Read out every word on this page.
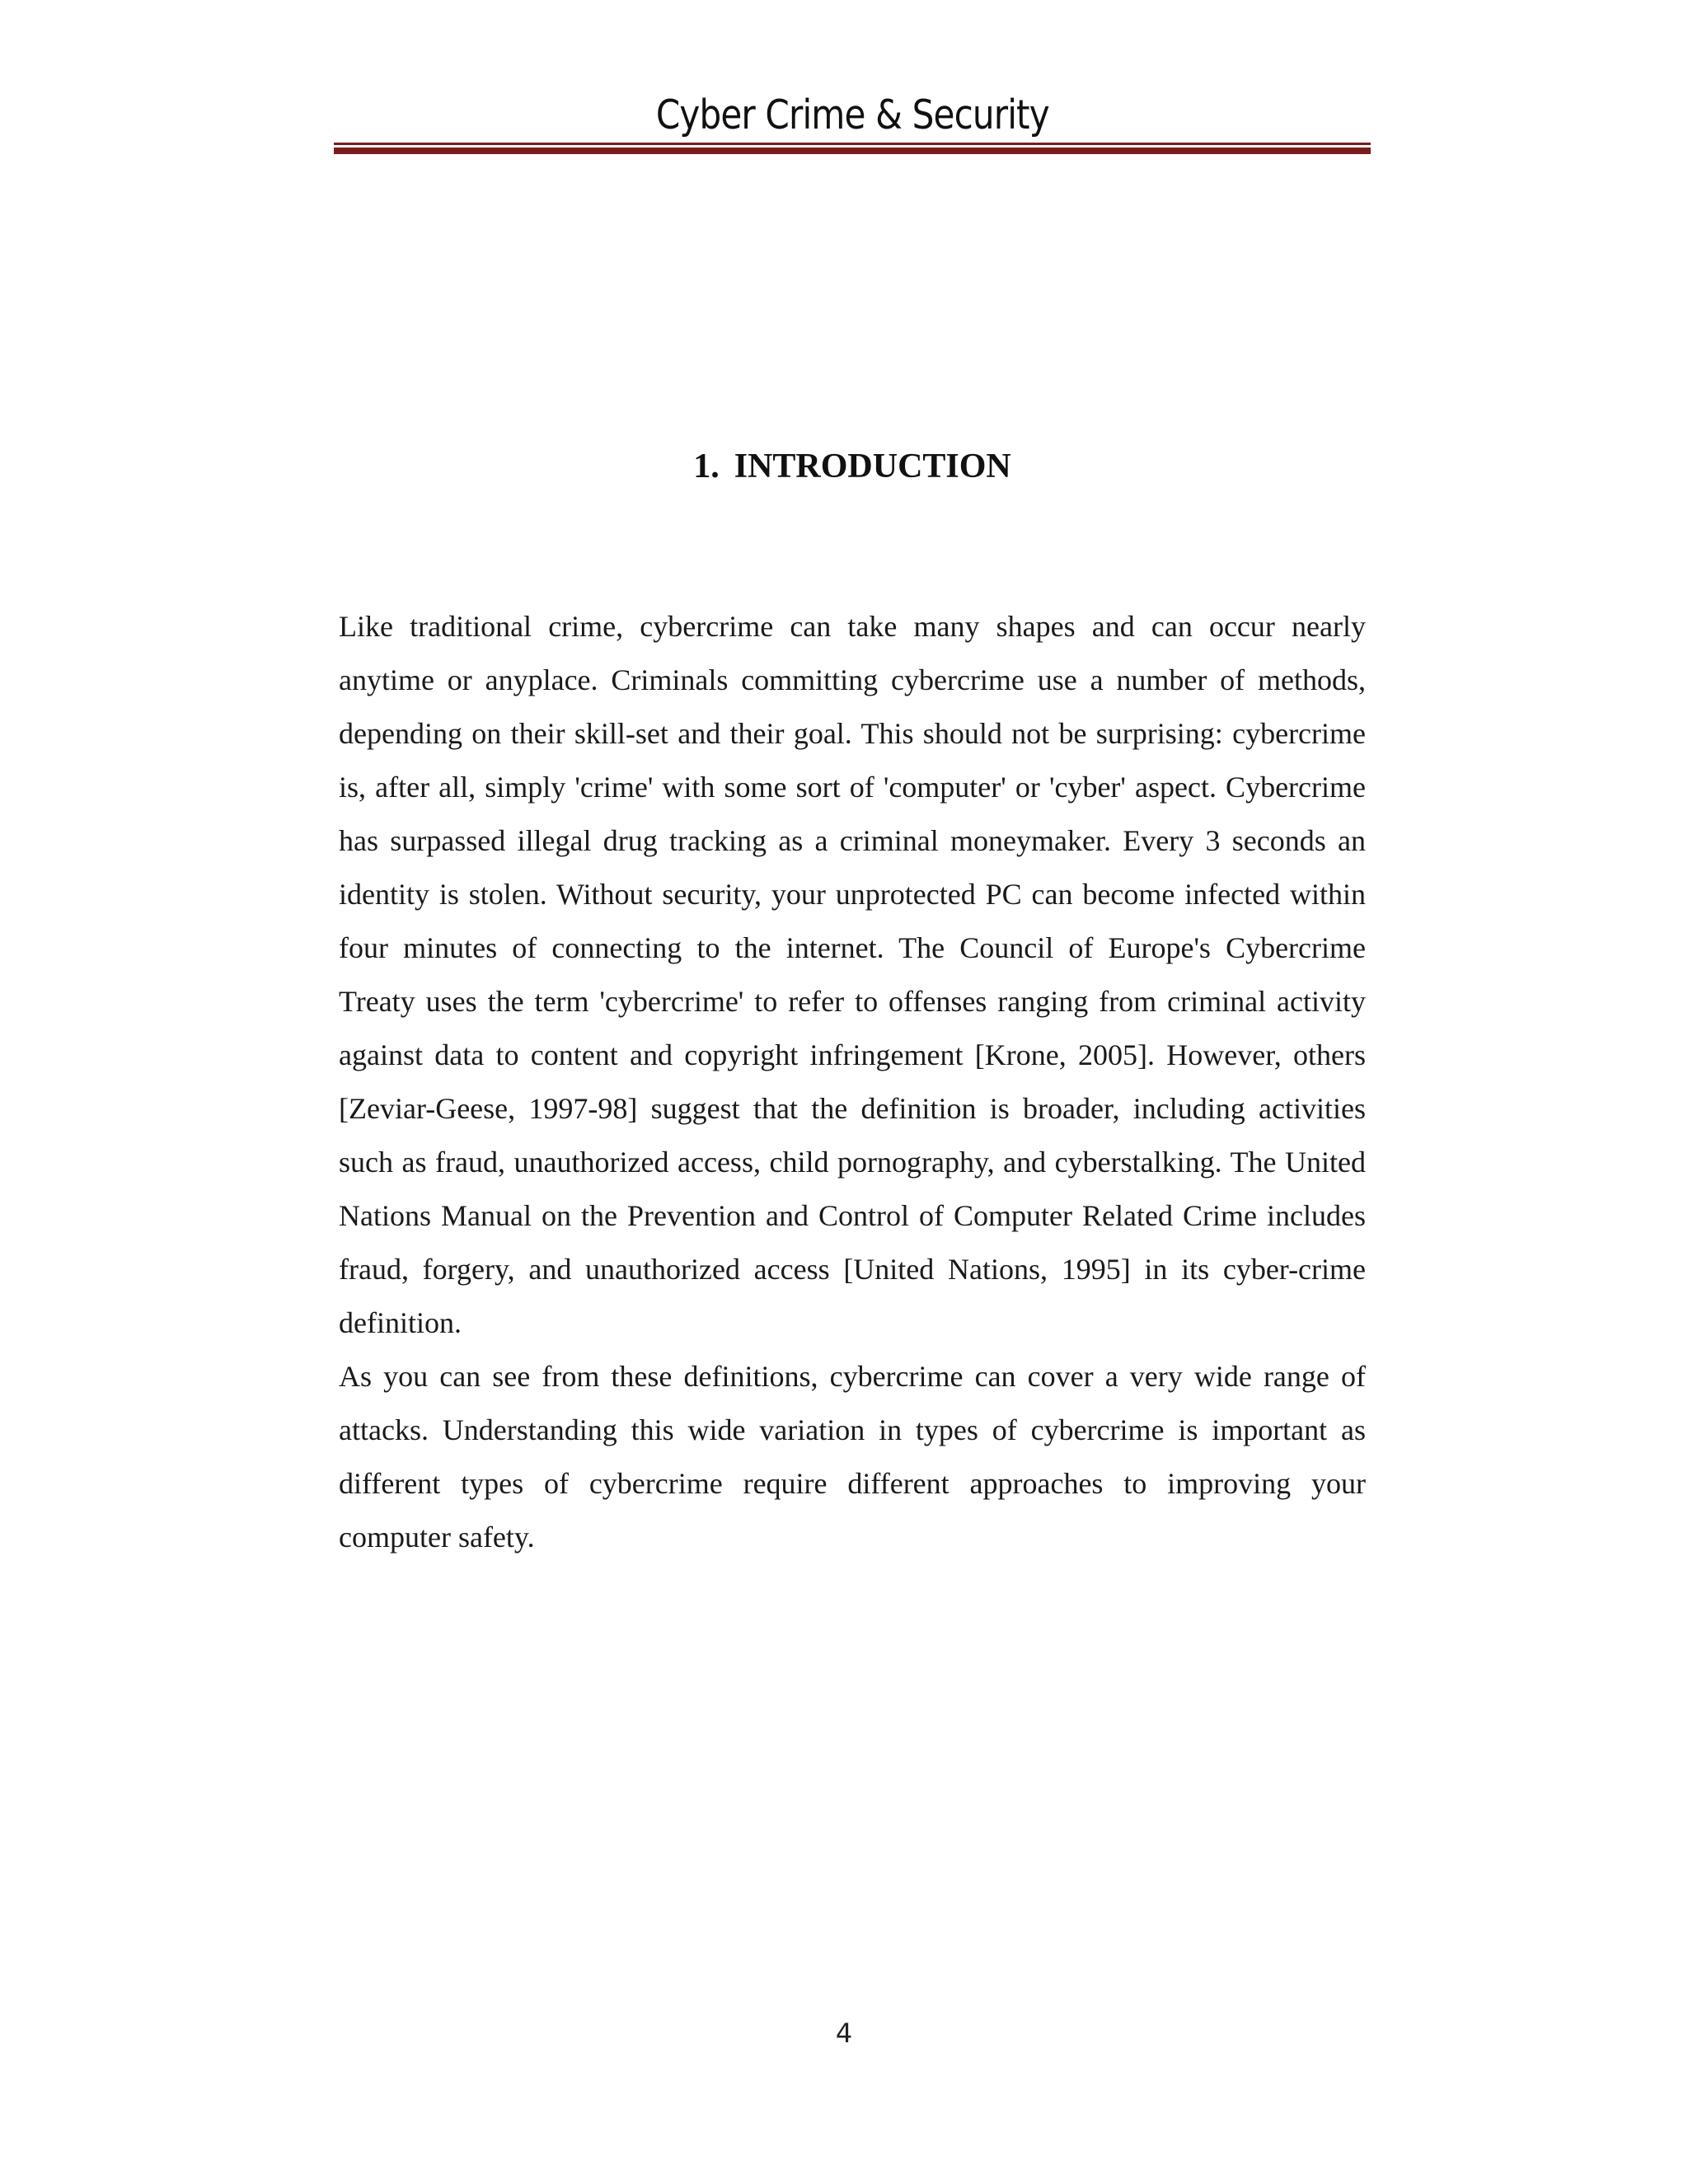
Cyber Crime & Security
1. INTRODUCTION

Like traditional crime, cybercrime can take many shapes and can occur nearly anytime or anyplace. Criminals committing cybercrime use a number of methods, depending on their skill-set and their goal. This should not be surprising: cybercrime is, after all, simply 'crime' with some sort of 'computer' or 'cyber' aspect. Cybercrime has surpassed illegal drug tracking as a criminal moneymaker. Every 3 seconds an identity is stolen. Without security, your unprotected PC can become infected within four minutes of connecting to the internet. The Council of Europe's Cybercrime Treaty uses the term 'cybercrime' to refer to offenses ranging from criminal activity against data to content and copyright infringement [Krone, 2005]. However, others [Zeviar-Geese, 1997-98] suggest that the definition is broader, including activities such as fraud, unauthorized access, child pornography, and cyberstalking. The United Nations Manual on the Prevention and Control of Computer Related Crime includes fraud, forgery, and unauthorized access [United Nations, 1995] in its cyber-crime definition.

As you can see from these definitions, cybercrime can cover a very wide range of attacks. Understanding this wide variation in types of cybercrime is important as different types of cybercrime require different approaches to improving your computer safety.

4
